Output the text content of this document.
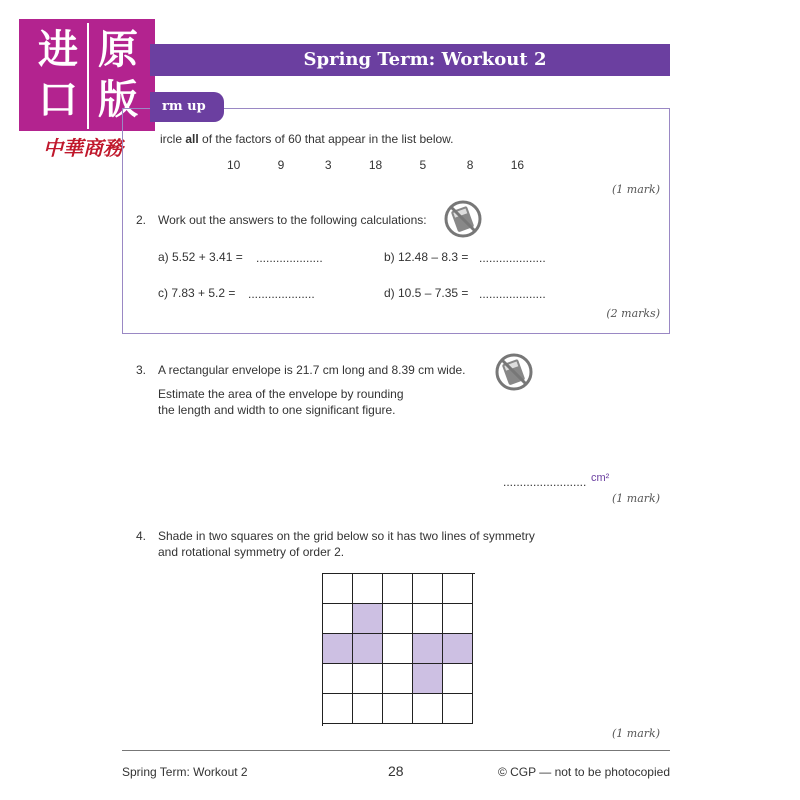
进 原
口 版
中華商務
Spring Term: Workout 2
rm up
ircle all of the factors of 60 that appear in the list below.
10	9	3	18	5	8	16
(1 mark)
2. Work out the answers to the following calculations:
a) 5.52 + 3.41 = ....................	b) 12.48 – 8.3 = ....................
c) 7.83 + 5.2 = ....................	d) 10.5 – 7.35 = ....................
(2 marks)
3. A rectangular envelope is 21.7 cm long and 8.39 cm wide.
Estimate the area of the envelope by rounding
the length and width to one significant figure.
......................... cm²
(1 mark)
4. Shade in two squares on the grid below so it has two lines of symmetry
and rotational symmetry of order 2.
(1 mark)
Spring Term: Workout 2	28	© CGP — not to be photocopied
